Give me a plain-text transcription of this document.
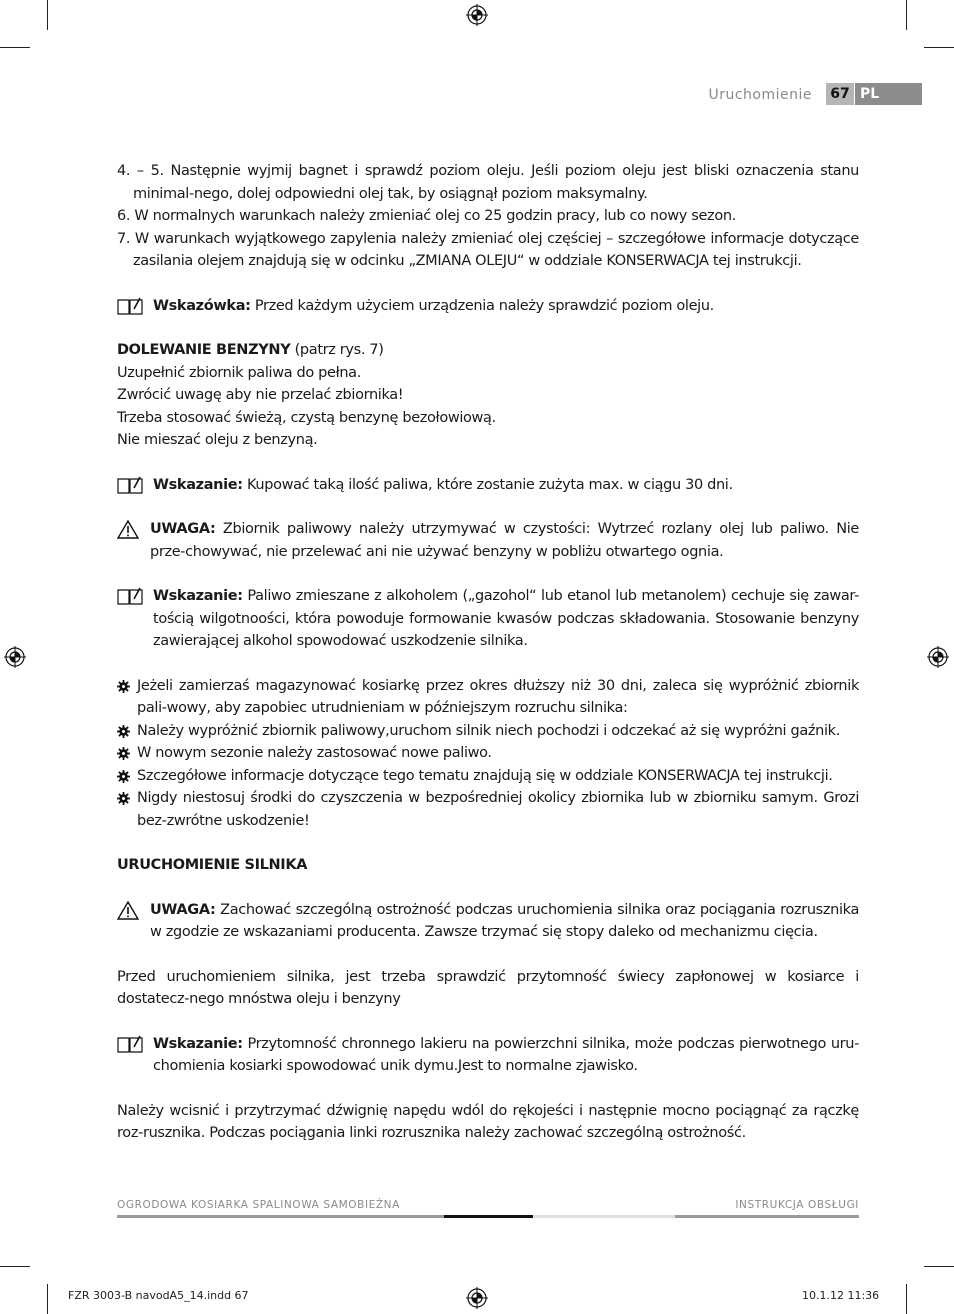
Uruchomienie	67 PL

4. – 5. Następnie wyjmij bagnet i sprawdź poziom oleju. Jeśli poziom oleju jest bliski oznaczenia stanu minimal-nego, dolej odpowiedni olej tak, by osiągnął poziom maksymalny.

6. W normalnych warunkach należy zmieniać olej co 25 godzin pracy, lub co nowy sezon.

7. W warunkach wyjątkowego zapylenia należy zmieniać olej częściej – szczegółowe informacje dotyczące zasilania olejem znajdują się w odcinku „ZMIANA OLEJU“ w oddziale KONSERWACJA tej instrukcji.

Wskazówka: Przed każdym użyciem urządzenia należy sprawdzić poziom oleju.

DOLEWANIE BENZYNY (patrz rys. 7)

Uzupełnić zbiornik paliwa do pełna.

Zwrócić uwagę aby nie przelać zbiornika!

Trzeba stosować świeżą, czystą benzynę bezołowiową.

Nie mieszać oleju z benzyną.

Wskazanie: Kupować taką ilość paliwa, które zostanie zużyta max. w ciągu 30 dni.
UWAGA: Zbiornik paliwowy należy utrzymywać w czystości: Wytrzeć rozlany olej lub paliwo. Nie prze-chowywać, nie przelewać ani nie używać benzyny w pobliżu otwartego ognia.
Wskazanie: Paliwo zmieszane z alkoholem („gazohol“ lub etanol lub metanolem) cechuje się zawar-tością wilgotnoości, która powoduje formowanie kwasów podczas składowania. Stosowanie benzyny zawierającej alkohol spowodować uszkodzenie silnika.
Jeżeli zamierzaś magazynować kosiarkę przez okres dłuższy niż 30 dni, zaleca się wypróżnić zbiornik pali-wowy, aby zapobiec utrudnieniam w późniejszym rozruchu silnika:
Należy wypróżnić zbiornik paliwowy,uruchom silnik niech pochodzi i odczekać aż się wypróżni gaźnik.
W nowym sezonie należy zastosować nowe paliwo.
Szczegółowe informacje dotyczące tego tematu znajdują się w oddziale KONSERWACJA tej instrukcji.
Nigdy niestosuj środki do czyszczenia w bezpośredniej okolicy zbiornika lub w zbiorniku samym. Grozi bez-zwrótne uskodzenie!

URUCHOMIENIE SILNIKA

UWAGA: Zachować szczególną ostrożność podczas uruchomienia silnika oraz pociągania rozrusznika w zgodzie ze wskazaniami producenta. Zawsze trzymać się stopy daleko od mechanizmu cięcia.

Przed uruchomieniem silnika, jest trzeba sprawdzić przytomność świecy zapłonowej w kosiarce i dostatecz-nego mnóstwa oleju i benzyny

Wskazanie: Przytomność chronnego lakieru na powierzchni silnika, może podczas pierwotnego uru-chomienia kosiarki spowodować unik dymu.Jest to normalne zjawisko.

Należy wcisnić i przytrzymać dźwignię napędu wdól do rękojeści i następnie mocno pociągnąć za rączkę roz-rusznika. Podczas pociągania linki rozrusznika należy zachować szczególną ostrożność.

OGRODOWA KOSIARKA SPALINOWA SAMOBIEŻNA	INSTRUKCJA OBSŁUGI
FZR 3003-B navodA5_14.indd 67	10.1.12 11:36
